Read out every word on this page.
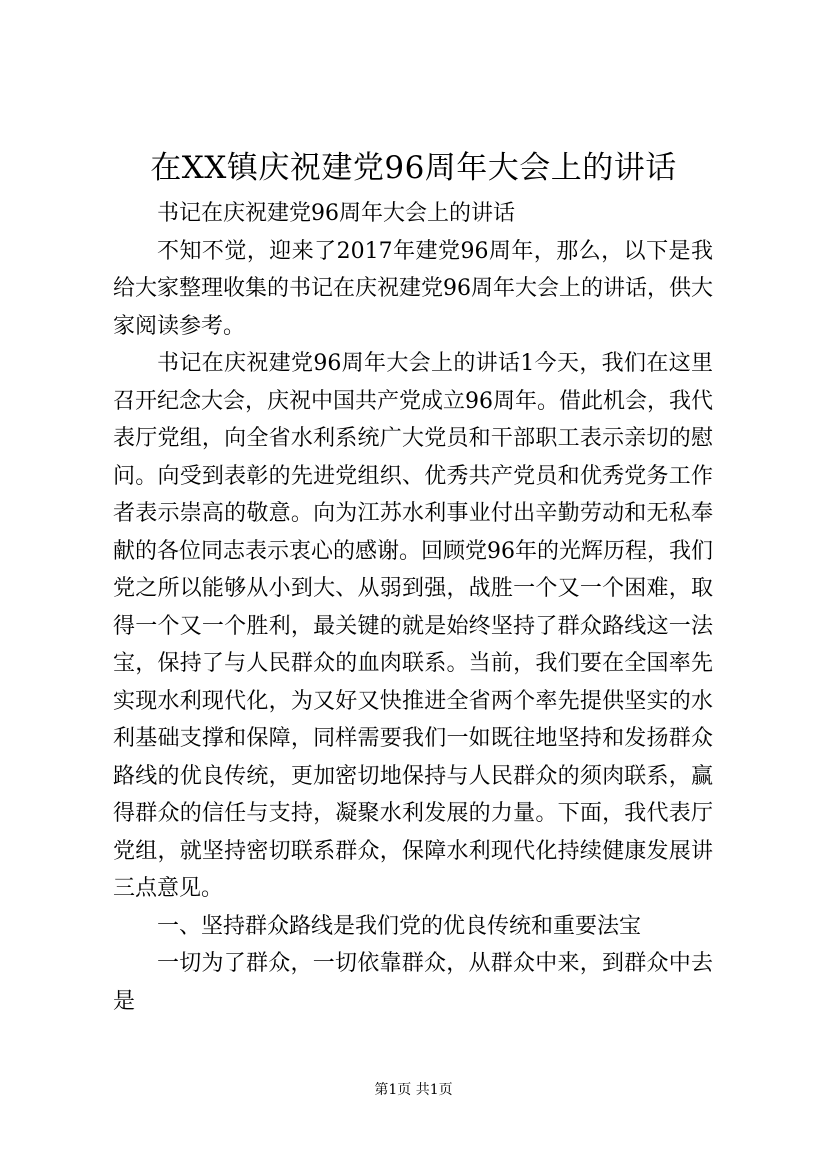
在XX镇庆祝建党96周年大会上的讲话

书记在庆祝建党96周年大会上的讲话

不知不觉，迎来了2017年建党96周年，那么，以下是我给大家整理收集的书记在庆祝建党96周年大会上的讲话，供大家阅读参考。

书记在庆祝建党96周年大会上的讲话1今天，我们在这里召开纪念大会，庆祝中国共产党成立96周年。借此机会，我代表厅党组，向全省水利系统广大党员和干部职工表示亲切的慰问。向受到表彰的先进党组织、优秀共产党员和优秀党务工作者表示崇高的敬意。向为江苏水利事业付出辛勤劳动和无私奉献的各位同志表示衷心的感谢。回顾党96年的光辉历程，我们党之所以能够从小到大、从弱到强，战胜一个又一个困难，取得一个又一个胜利，最关键的就是始终坚持了群众路线这一法宝，保持了与人民群众的血肉联系。当前，我们要在全国率先实现水利现代化，为又好又快推进全省两个率先提供坚实的水利基础支撑和保障，同样需要我们一如既往地坚持和发扬群众路线的优良传统，更加密切地保持与人民群众的须肉联系，赢得群众的信任与支持，凝聚水利发展的力量。下面，我代表厅党组，就坚持密切联系群众，保障水利现代化持续健康发展讲三点意见。

一、坚持群众路线是我们党的优良传统和重要法宝

一切为了群众，一切依靠群众，从群众中来，到群众中去是

第1页 共1页
